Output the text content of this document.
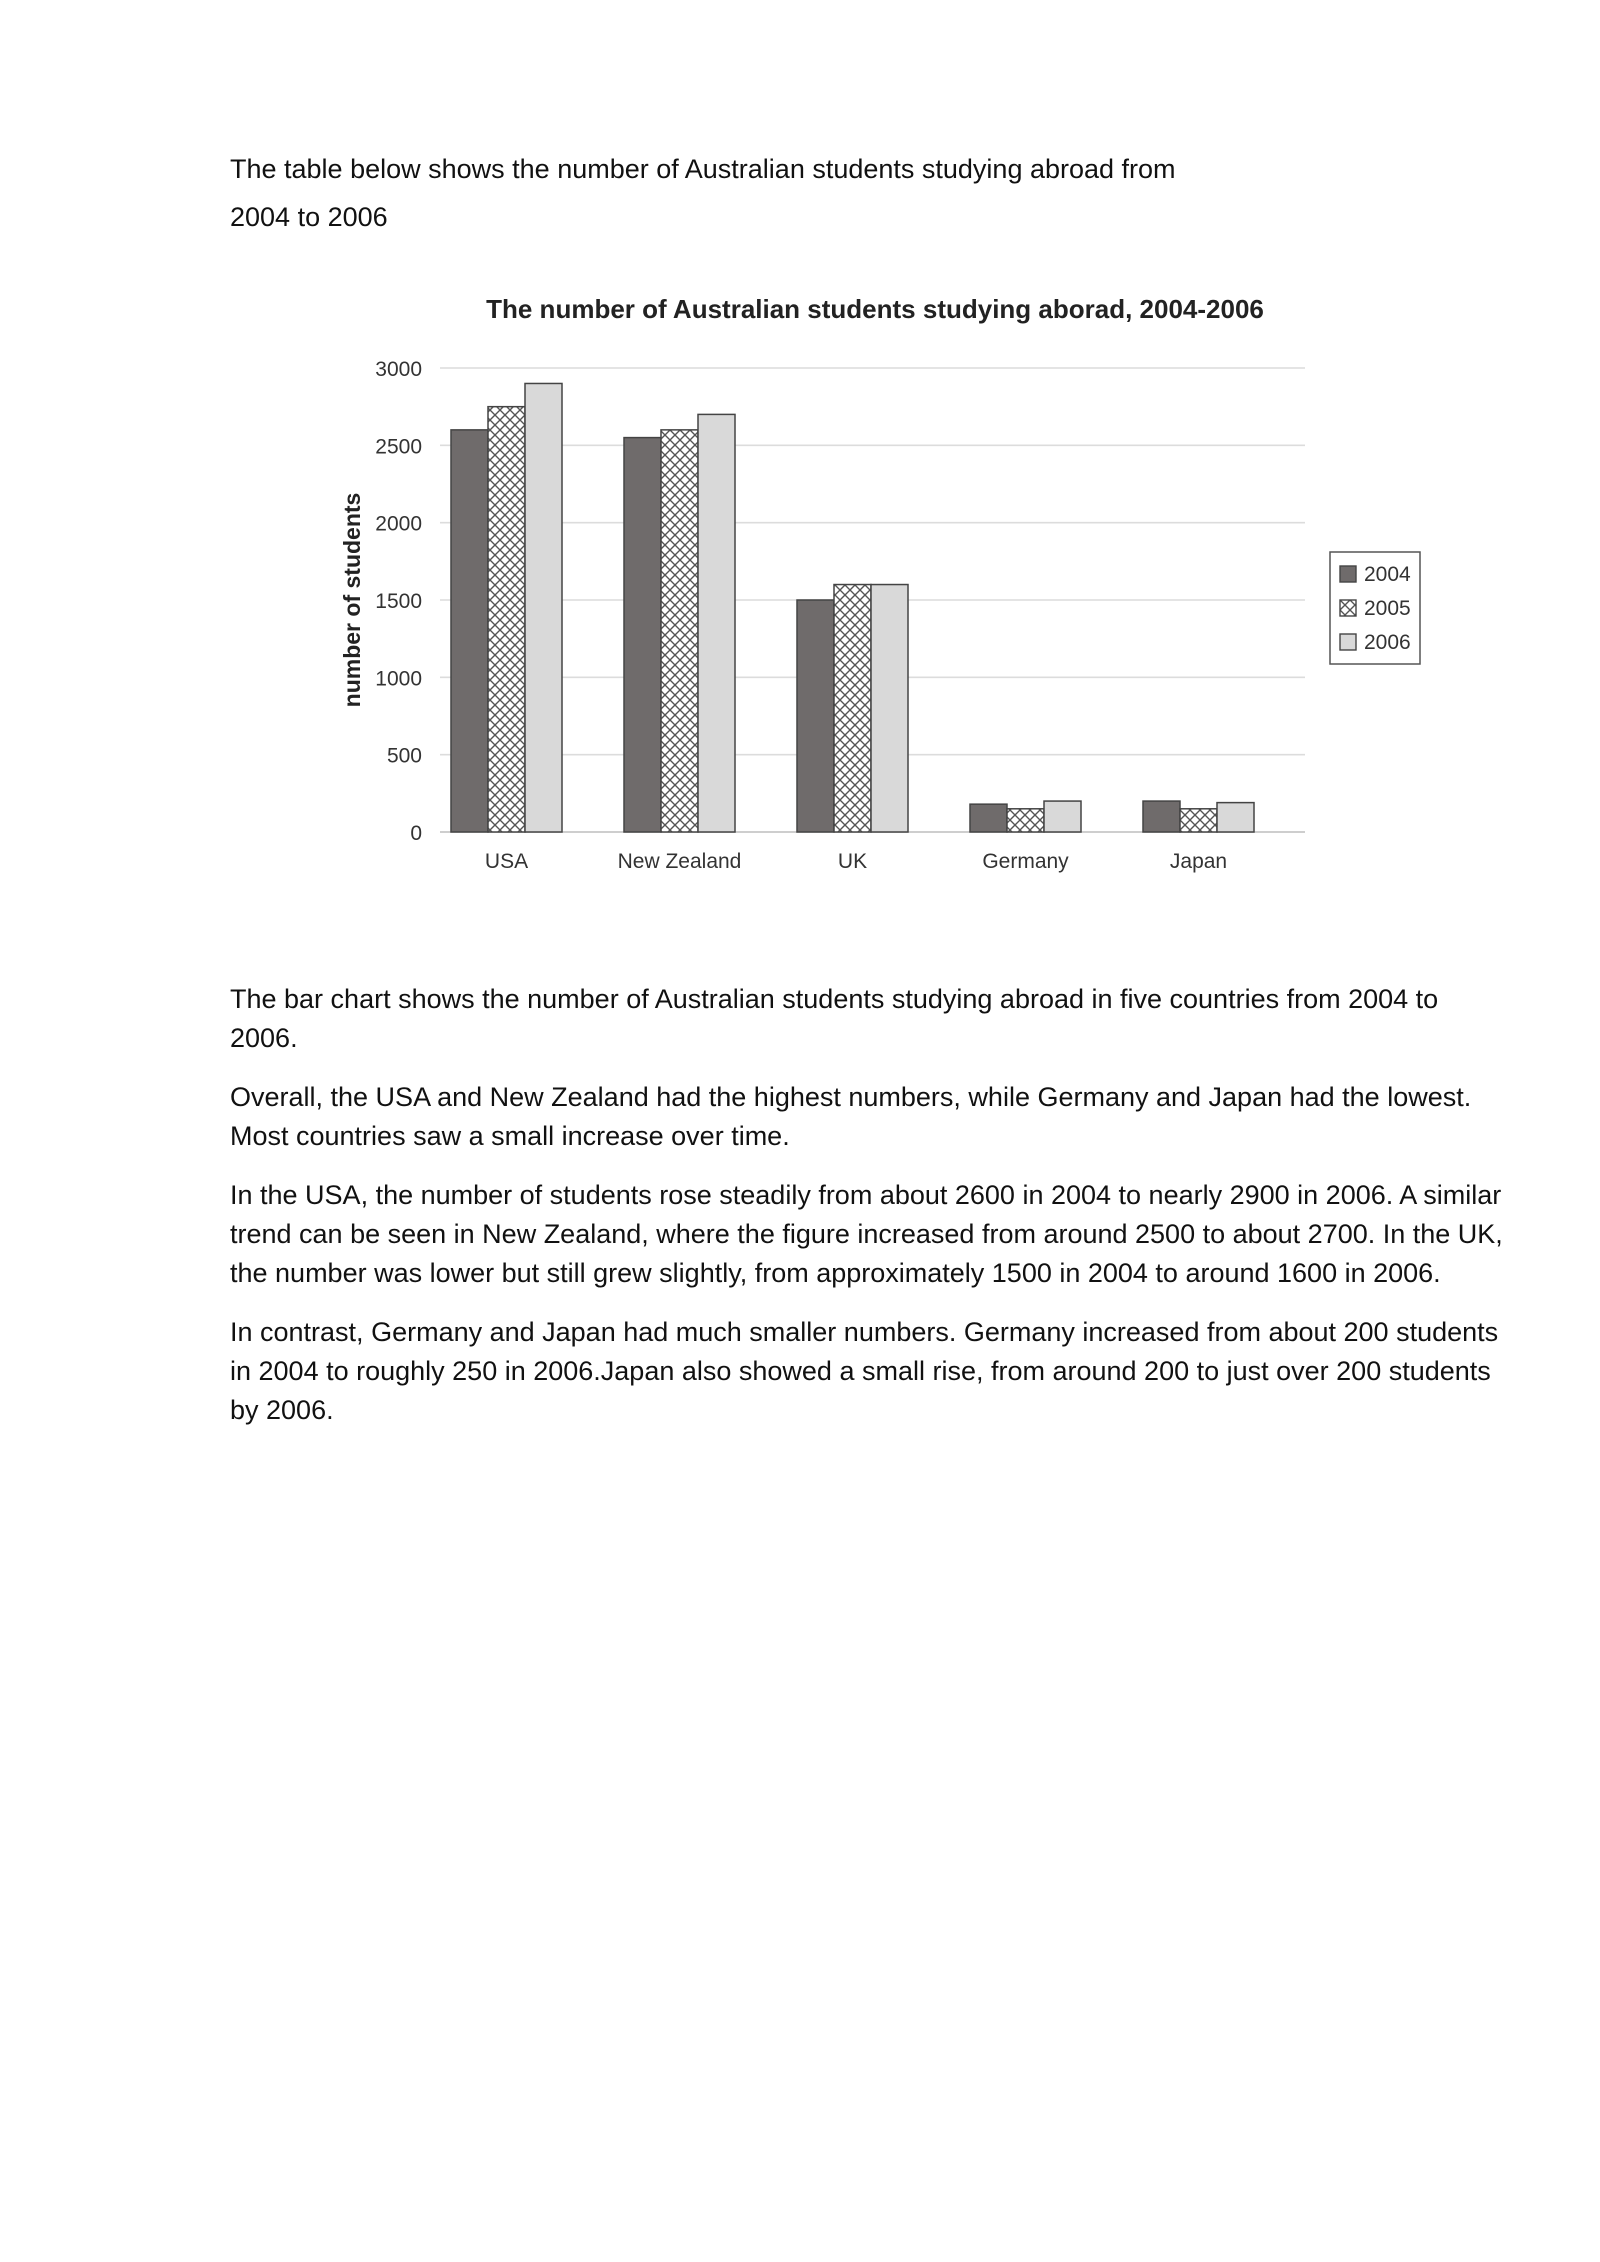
The table below shows the number of Australian students studying abroad from

2004 to 2006

0
500
1000
1500
2000
2500
3000
USA	New Zealand	UK	Germany	Japan
The number of Australian students studying aborad, 2004-2006
number of students	2004
2005
2006

The bar chart shows the number of Australian students studying abroad in five countries from 2004 to 2006.

Overall, the USA and New Zealand had the highest numbers, while Germany and Japan had the lowest. Most countries saw a small increase over time.

In the USA, the number of students rose steadily from about 2600 in 2004 to nearly 2900 in 2006. A similar trend can be seen in New Zealand, where the figure increased from around 2500 to about 2700. In the UK, the number was lower but still grew slightly, from approximately 1500 in 2004 to around 1600 in 2006.

In contrast, Germany and Japan had much smaller numbers. Germany increased from about 200 students in 2004 to roughly 250 in 2006.Japan also showed a small rise, from around 200 to just over 200 students by 2006.
